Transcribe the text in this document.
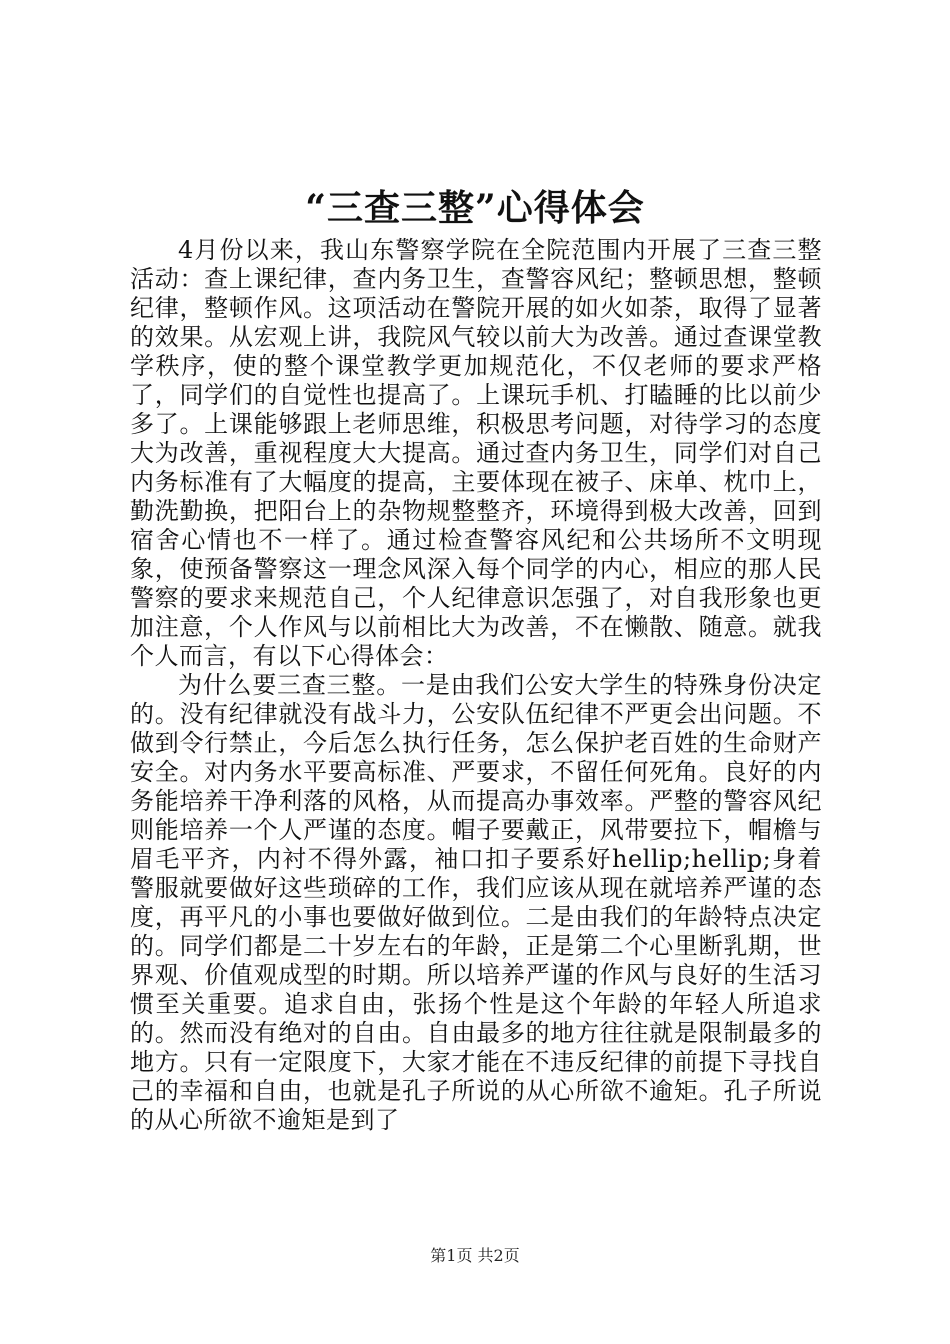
“三查三整”心得体会

4月份以来，我山东警察学院在全院范围内开展了三查三整活动：查上课纪律，查内务卫生，查警容风纪；整顿思想，整顿纪律，整顿作风。这项活动在警院开展的如火如荼，取得了显著的效果。从宏观上讲，我院风气较以前大为改善。通过查课堂教学秩序，使的整个课堂教学更加规范化，不仅老师的要求严格了，同学们的自觉性也提高了。上课玩手机、打瞌睡的比以前少多了。上课能够跟上老师思维，积极思考问题，对待学习的态度大为改善，重视程度大大提高。通过查内务卫生，同学们对自己内务标准有了大幅度的提高，主要体现在被子、床单、枕巾上，勤洗勤换，把阳台上的杂物规整整齐，环境得到极大改善，回到宿舍心情也不一样了。通过检查警容风纪和公共场所不文明现象，使预备警察这一理念风深入每个同学的内心，相应的那人民警察的要求来规范自己，个人纪律意识怎强了，对自我形象也更加注意，个人作风与以前相比大为改善，不在懒散、随意。就我个人而言，有以下心得体会：

为什么要三查三整。一是由我们公安大学生的特殊身份决定的。没有纪律就没有战斗力，公安队伍纪律不严更会出问题。不做到令行禁止，今后怎么执行任务，怎么保护老百姓的生命财产安全。对内务水平要高标准、严要求，不留任何死角。良好的内务能培养干净利落的风格，从而提高办事效率。严整的警容风纪则能培养一个人严谨的态度。帽子要戴正，风带要拉下，帽檐与眉毛平齐，内衬不得外露，袖口扣子要系好hellip;hellip;身着警服就要做好这些琐碎的工作，我们应该从现在就培养严谨的态度，再平凡的小事也要做好做到位。二是由我们的年龄特点决定的。同学们都是二十岁左右的年龄，正是第二个心里断乳期，世界观、价值观成型的时期。所以培养严谨的作风与良好的生活习惯至关重要。追求自由，张扬个性是这个年龄的年轻人所追求的。然而没有绝对的自由。自由最多的地方往往就是限制最多的地方。只有一定限度下，大家才能在不违反纪律的前提下寻找自己的幸福和自由，也就是孔子所说的从心所欲不逾矩。孔子所说的从心所欲不逾矩是到了

第1页 共2页
